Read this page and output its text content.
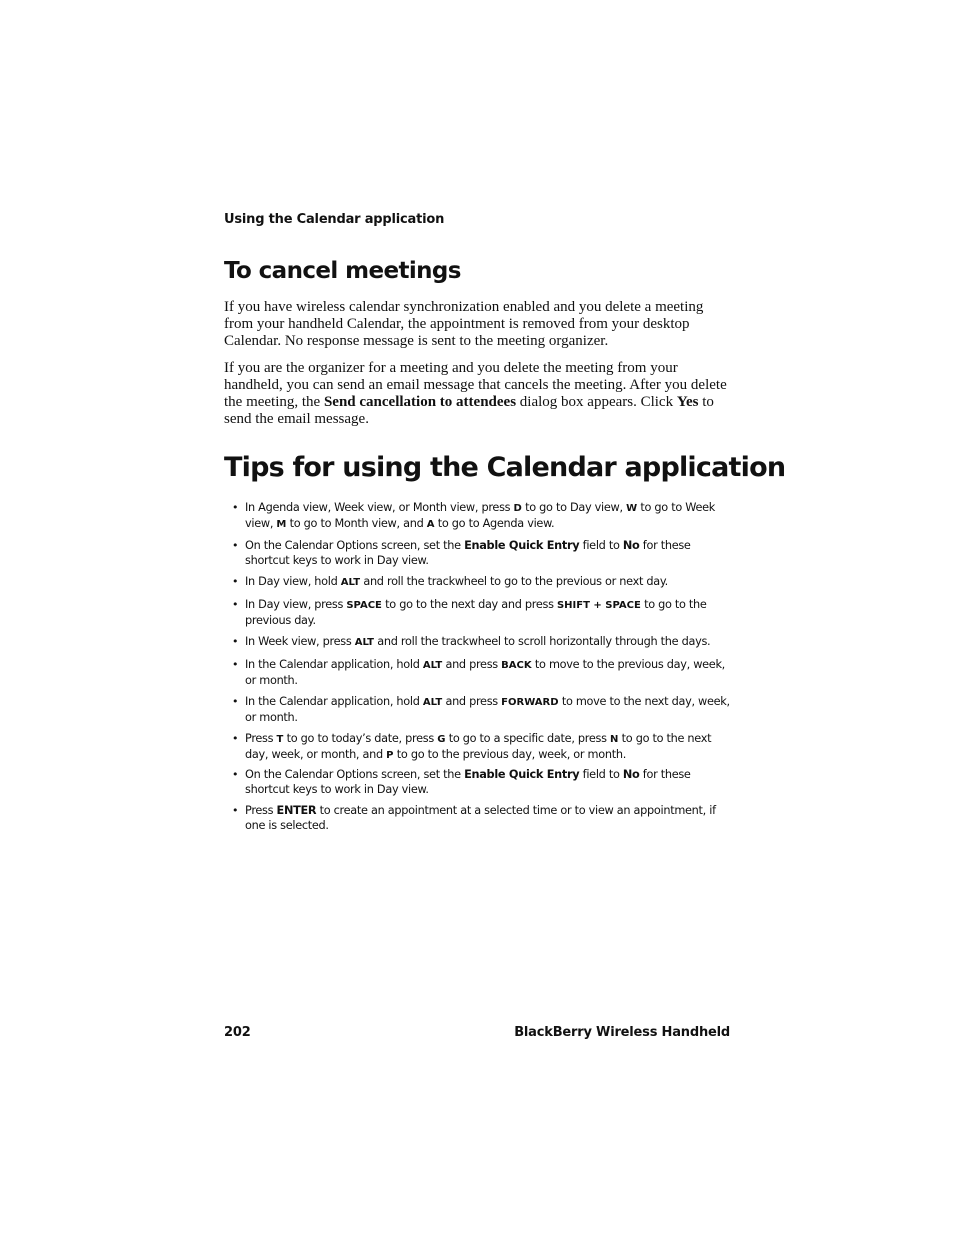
Using the Calendar application
To cancel meetings

If you have wireless calendar synchronization enabled and you delete a meeting from your handheld Calendar, the appointment is removed from your desktop Calendar. No response message is sent to the meeting organizer.

If you are the organizer for a meeting and you delete the meeting from your handheld, you can send an email message that cancels the meeting. After you delete the meeting, the Send cancellation to attendees dialog box appears. Click Yes to send the email message.

Tips for using the Calendar application
• In Agenda view, Week view, or Month view, press D to go to Day view, W to go to Week view, M to go to Month view, and A to go to Agenda view.
• On the Calendar Options screen, set the Enable Quick Entry field to No for these shortcut keys to work in Day view.
• In Day view, hold ALT and roll the trackwheel to go to the previous or next day.
• In Day view, press SPACE to go to the next day and press SHIFT + SPACE to go to the previous day.
• In Week view, press ALT and roll the trackwheel to scroll horizontally through the days.
• In the Calendar application, hold ALT and press BACK to move to the previous day, week, or month.
• In the Calendar application, hold ALT and press FORWARD to move to the next day, week, or month.
• Press T to go to today’s date, press G to go to a specific date, press N to go to the next day, week, or month, and P to go to the previous day, week, or month.
• On the Calendar Options screen, set the Enable Quick Entry field to No for these shortcut keys to work in Day view.
• Press ENTER to create an appointment at a selected time or to view an appointment, if one is selected.
202	BlackBerry Wireless Handheld
